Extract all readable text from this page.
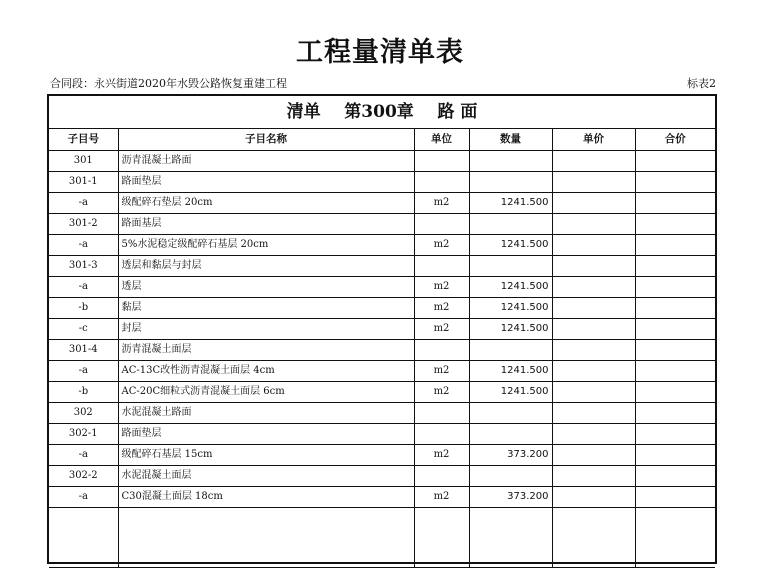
工程量清单表
合同段：永兴街道2020年水毁公路恢复重建工程	标表2
清单 第300章 路 面
子目号	子目名称	单位	数量	单价	合价
301	沥青混凝土路面				
301-1	路面垫层				
-a	级配碎石垫层 20cm	m2	1241.500		
301-2	路面基层				
-a	5%水泥稳定级配碎石基层 20cm	m2	1241.500		
301-3	透层和黏层与封层				
-a	透层	m2	1241.500		
-b	黏层	m2	1241.500		
-c	封层	m2	1241.500		
301-4	沥青混凝土面层				
-a	AC-13C改性沥青混凝土面层 4cm	m2	1241.500		
-b	AC-20C细粒式沥青混凝土面层 6cm	m2	1241.500		
302	水泥混凝土路面				
302-1	路面垫层				
-a	级配碎石基层 15cm	m2	373.200		
302-2	水泥混凝土面层				
-a	C30混凝土面层 18cm	m2	373.200		
